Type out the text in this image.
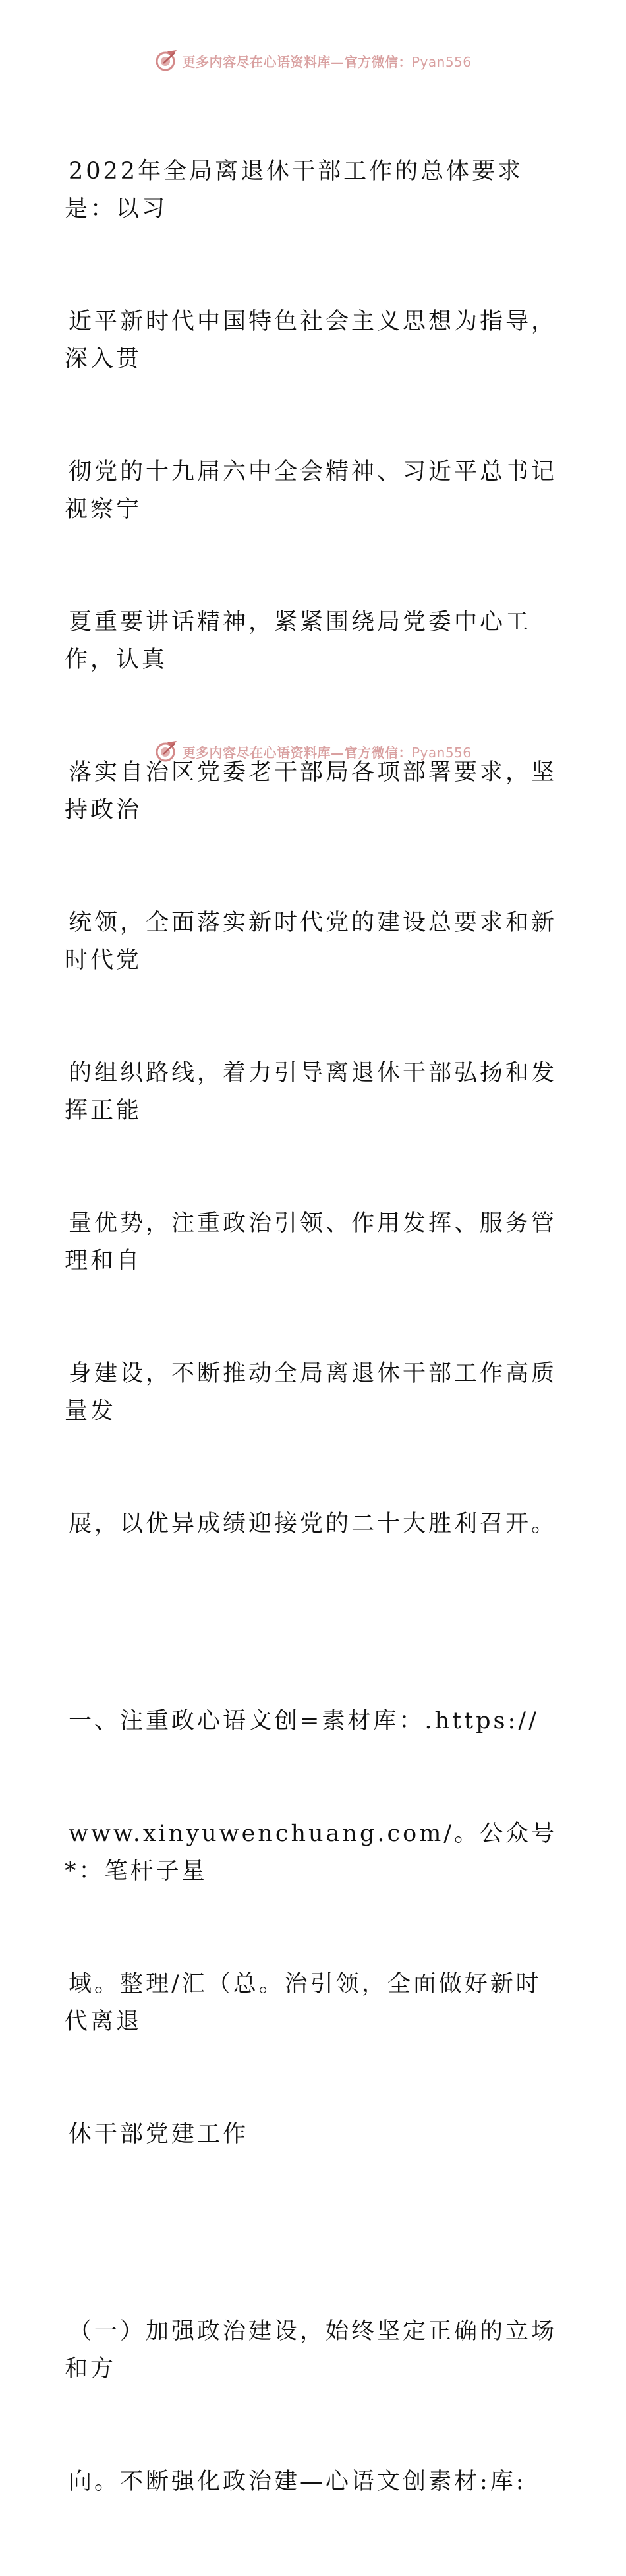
更多内容尽在心语资料库—官方微信：Pyan556

2022年全局离退休干部工作的总体要求是：以习

近平新时代中国特色社会主义思想为指导，深入贯

彻党的十九届六中全会精神、习近平总书记视察宁

夏重要讲话精神，紧紧围绕局党委中心工作，认真

落实自治区党委老干部局各项部署要求，坚持政治

统领，全面落实新时代党的建设总要求和新时代党

的组织路线，着力引导离退休干部弘扬和发挥正能

量优势，注重政治引领、作用发挥、服务管理和自

身建设，不断推动全局离退休干部工作高质量发

展，以优异成绩迎接党的二十大胜利召开。

一、注重政心语文创=素材库：.https://

www.xinyuwenchuang.com/。公众号*：笔杆子星

域。整理/汇（总。治引领，全面做好新时代离退

休干部党建工作

（一）加强政治建设，始终坚定正确的立场和方

向。不断强化政治建—心语文创素材:库:

更多内容尽在心语资料库—官方微信：Pyan556
